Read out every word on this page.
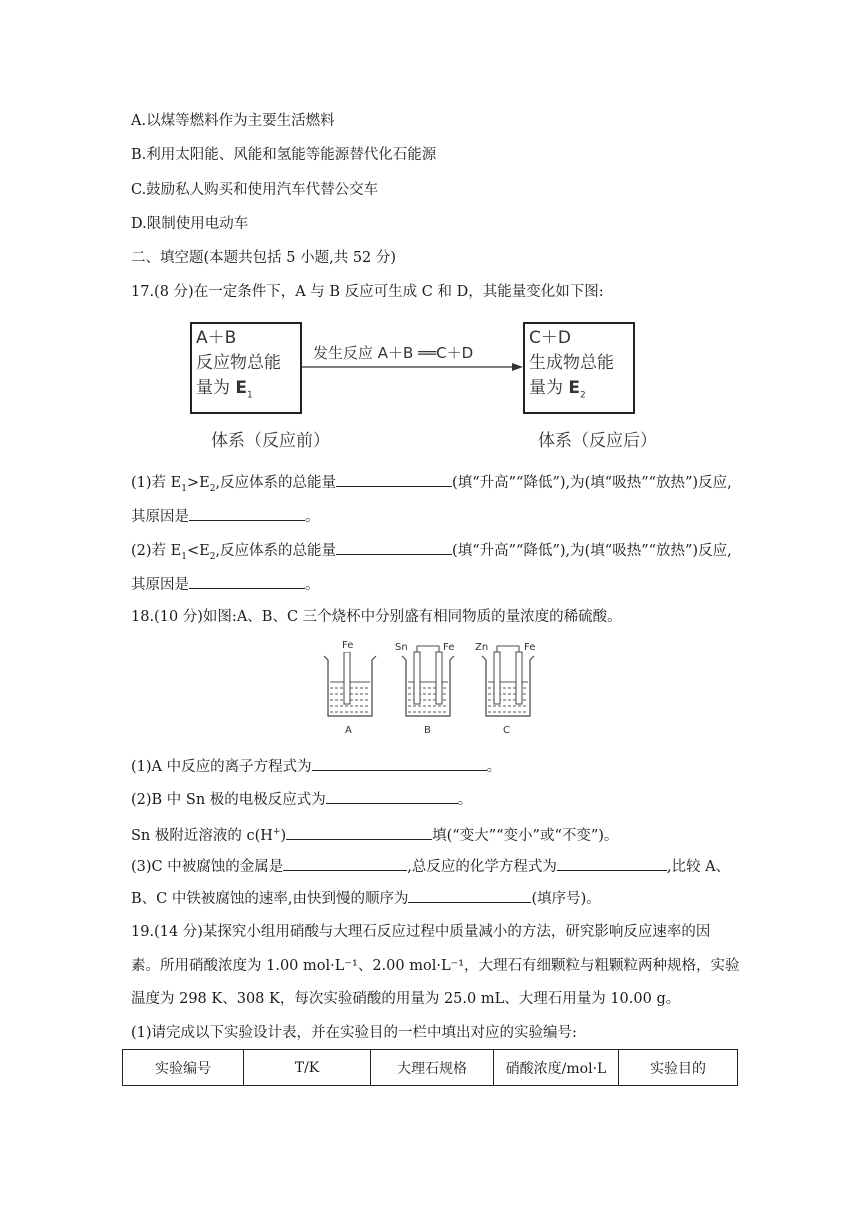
A.以煤等燃料作为主要生活燃料
B.利用太阳能、风能和氢能等能源替代化石能源
C.鼓励私人购买和使用汽车代替公交车
D.限制使用电动车
二、填空题(本题共包括 5 小题,共 52 分)
17.(8 分)在一定条件下，A 与 B 反应可生成 C 和 D，其能量变化如下图:
A＋B
反应物总能
量为 $E_1$
C＋D
生成物总能
量为 $E_2$
发生反应 A＋B ══C＋D
体系（反应前）	体系（反应后）
(1)若 $E_1>E_2$,反应体系的总能量	(填“升高”“降低”),为(填“吸热”“放热”)反应,
其原因是	。
(2)若 $E_1<E_2$,反应体系的总能量	(填“升高”“降低”),为(填“吸热”“放热”)反应,
其原因是	。
18.(10 分)如图:A、B、C 三个烧杯中分别盛有相同物质的量浓度的稀硫酸。
Fe
A
Sn	Fe
B
Zn	Fe
C
(1)A 中反应的离子方程式为	。
(2)B 中 Sn 极的电极反应式为	。
Sn 极附近溶液的 c(H+)	填(“变大”“变小”或“不变”)。
(3)C 中被腐蚀的金属是	,总反应的化学方程式为	,比较 A、
B、C 中铁被腐蚀的速率,由快到慢的顺序为	(填序号)。
19.(14 分)某探究小组用硝酸与大理石反应过程中质量减小的方法，研究影响反应速率的因
素。所用硝酸浓度为 1.00 mol·L⁻¹、2.00 mol·L⁻¹，大理石有细颗粒与粗颗粒两种规格，实验
温度为 298 K、308 K，每次实验硝酸的用量为 25.0 mL、大理石用量为 10.00 g。
(1)请完成以下实验设计表，并在实验目的一栏中填出对应的实验编号:
实验编号	T/K	大理石规格	硝酸浓度/mol·L	实验目的
